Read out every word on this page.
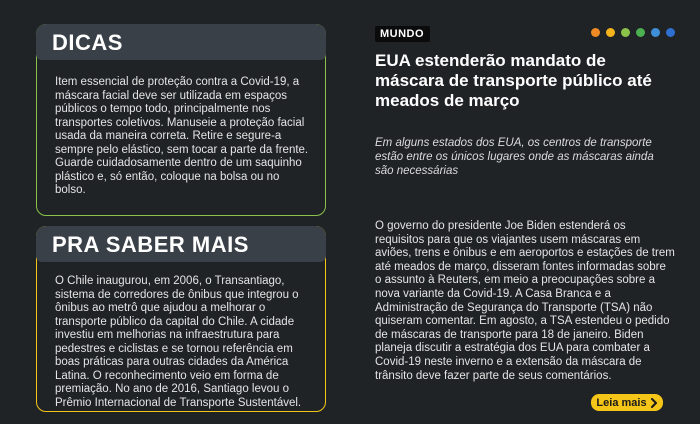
DICAS

Item essencial de proteção contra a Covid-19, a máscara facial deve ser utilizada em espaços públicos o tempo todo, principalmente nos transportes coletivos. Manuseie a proteção facial usada da maneira correta. Retire e segure-a sempre pelo elástico, sem tocar a parte da frente. Guarde cuidadosamente dentro de um saquinho plástico e, só então, coloque na bolsa ou no bolso.

PRA SABER MAIS

O Chile inaugurou, em 2006, o Transantiago, sistema de corredores de ônibus que integrou o ônibus ao metrô que ajudou a melhorar o transporte público da capital do Chile. A cidade investiu em melhorias na infraestrutura para pedestres e ciclistas e se tornou referência em boas práticas para outras cidades da América Latina. O reconhecimento veio em forma de premiação. No ano de 2016, Santiago levou o Prêmio Internacional de Transporte Sustentável.

MUNDO
EUA estenderão mandato de máscara de transporte público até meados de março

Em alguns estados dos EUA, os centros de transporte estão entre os únicos lugares onde as máscaras ainda são necessárias

O governo do presidente Joe Biden estenderá os requisitos para que os viajantes usem máscaras em aviões, trens e ônibus e em aeroportos e estações de trem até meados de março, disseram fontes informadas sobre o assunto à Reuters, em meio a preocupações sobre a nova variante da Covid-19. A Casa Branca e a Administração de Segurança do Transporte (TSA) não quiseram comentar. Em agosto, a TSA estendeu o pedido de máscaras de transporte para 18 de janeiro. Biden planeja discutir a estratégia dos EUA para combater a Covid-19 neste inverno e a extensão da máscara de trânsito deve fazer parte de seus comentários.

Leia mais
